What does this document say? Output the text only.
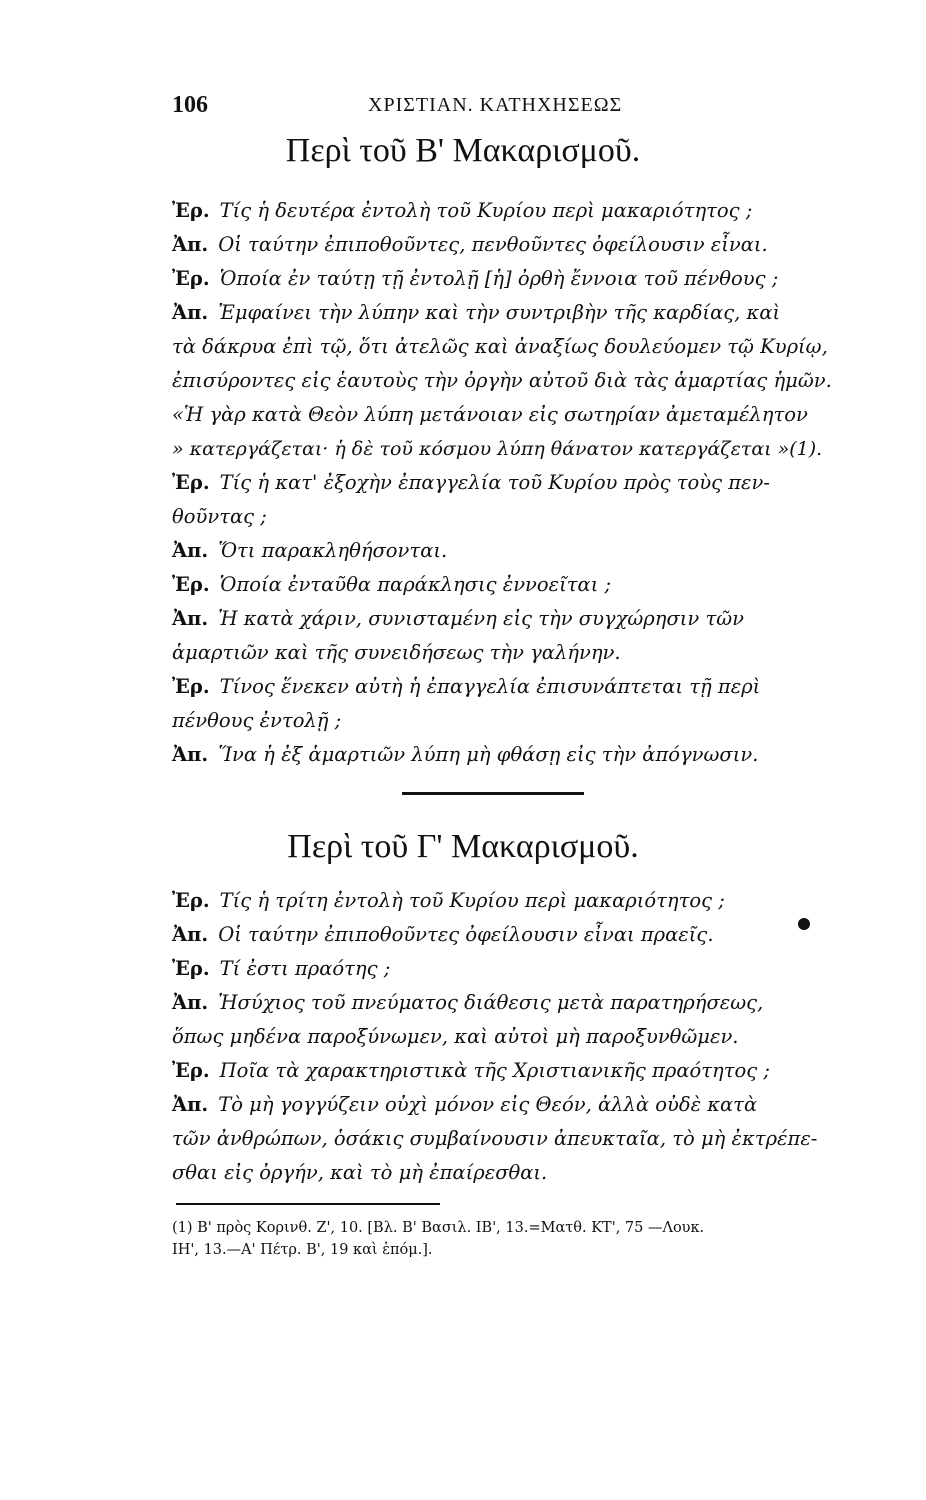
106	ΧΡΙΣΤΙΑΝ. ΚΑΤΗΧΗΣΕΩΣ
Περὶ τοῦ Β' Μακαρισμοῦ.
Ἐρ. Τίς ἡ δευτέρα ἐντολὴ τοῦ Κυρίου περὶ μακαριότητος ;
Ἀπ. Οἱ ταύτην ἐπιποθοῦντες, πενθοῦντες ὀφείλουσιν εἶναι.
Ἐρ. Ὁποία ἐν ταύτῃ τῇ ἐντολῇ [ἡ] ὀρθὴ ἔννοια τοῦ πένθους ;
Ἀπ. Ἐμφαίνει τὴν λύπην καὶ τὴν συντριβὴν τῆς καρδίας, καὶ
τὰ δάκρυα ἐπὶ τῷ, ὅτι ἀτελῶς καὶ ἀναξίως δουλεύομεν τῷ Κυρίῳ,
ἐπισύροντες εἰς ἑαυτοὺς τὴν ὀργὴν αὐτοῦ διὰ τὰς ἁμαρτίας ἡμῶν.
«Ἡ γὰρ κατὰ Θεὸν λύπη μετάνοιαν εἰς σωτηρίαν ἀμεταμέλητον
» κατεργάζεται· ἡ δὲ τοῦ κόσμου λύπη θάνατον κατεργάζεται »(1).
Ἐρ. Τίς ἡ κατ' ἐξοχὴν ἐπαγγελία τοῦ Κυρίου πρὸς τοὺς πεν-
θοῦντας ;
Ἀπ. Ὅτι παρακληθήσονται.
Ἐρ. Ὁποία ἐνταῦθα παράκλησις ἐννοεῖται ;
Ἀπ. Ἡ κατὰ χάριν, συνισταμένη εἰς τὴν συγχώρησιν τῶν
ἁμαρτιῶν καὶ τῆς συνειδήσεως τὴν γαλήνην.
Ἐρ. Τίνος ἕνεκεν αὐτὴ ἡ ἐπαγγελία ἐπισυνάπτεται τῇ περὶ
πένθους ἐντολῇ ;
Ἀπ. Ἵνα ἡ ἐξ ἁμαρτιῶν λύπη μὴ φθάσῃ εἰς τὴν ἀπόγνωσιν.
Περὶ τοῦ Γ' Μακαρισμοῦ.
Ἐρ. Τίς ἡ τρίτη ἐντολὴ τοῦ Κυρίου περὶ μακαριότητος ;
Ἀπ. Οἱ ταύτην ἐπιποθοῦντες ὀφείλουσιν εἶναι πραεῖς.
Ἐρ. Τί ἐστι πραότης ;
Ἀπ. Ἡσύχιος τοῦ πνεύματος διάθεσις μετὰ παρατηρήσεως,
ὅπως μηδένα παροξύνωμεν, καὶ αὐτοὶ μὴ παροξυνθῶμεν.
Ἐρ. Ποῖα τὰ χαρακτηριστικὰ τῆς Χριστιανικῆς πραότητος ;
Ἀπ. Τὸ μὴ γογγύζειν οὐχὶ μόνον εἰς Θεόν, ἀλλὰ οὐδὲ κατὰ
τῶν ἀνθρώπων, ὁσάκις συμβαίνουσιν ἀπευκταῖα, τὸ μὴ ἐκτρέπε-
σθαι εἰς ὀργήν, καὶ τὸ μὴ ἐπαίρεσθαι.
(1) Β' πρὸς Κορινθ. Ζ', 10. [Βλ. Β' Βασιλ. ΙΒ', 13.=Ματθ. ΚΤ', 75 —Λουκ.
ΙΗ', 13.—Α' Πέτρ. Β', 19 καὶ ἑπόμ.].
